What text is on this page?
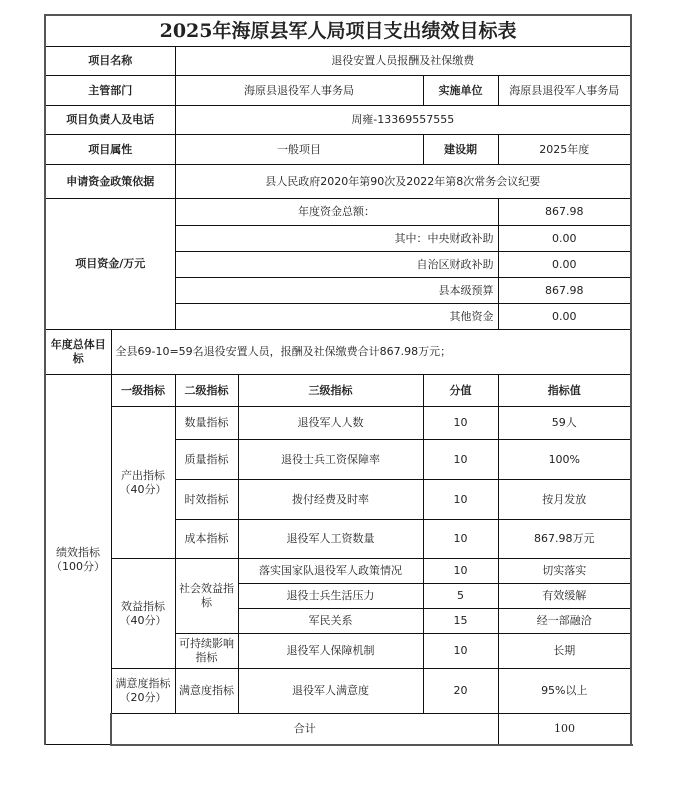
2025年海原县军人局项目支出绩效目标表						
项目名称		退役安置人员报酬及社保缴费				
主管部门		海原县退役军人事务局		实施单位	海原县退役军人事务局	
项目负责人及电话		周雍-13369557555				
项目属性		一般项目		建设期	2025年度	
申请资金政策依据		县人民政府2020年第90次及2022年第8次常务会议纪要				
项目资金/万元		年度资金总额：			867.98	
		其中：中央财政补助			0.00	
		自治区财政补助			0.00	
		县本级预算			867.98	
		其他资金			0.00	
年度总体目标	全县69-10=59名退役安置人员，报酬及社保缴费合计867.98万元；					
绩效指标（100分）	一级指标	二级指标	三级指标	分值	指标值	
	产出指标（40分）	数量指标	退役军人人数	10	59人	
		质量指标	退役士兵工资保障率	10	100%	
		时效指标	拨付经费及时率	10	按月发放	
		成本指标	退役军人工资数量	10	867.98万元	
	效益指标（40分）	社会效益指标	落实国家队退役军人政策情况	10	切实落实	
			退役士兵生活压力	5	有效缓解	
			军民关系	15	经一部融洽	
		可持续影响指标	退役军人保障机制	10	长期	
	满意度指标（20分）	满意度指标	退役军人满意度	20	95%以上	
	合计				100	
